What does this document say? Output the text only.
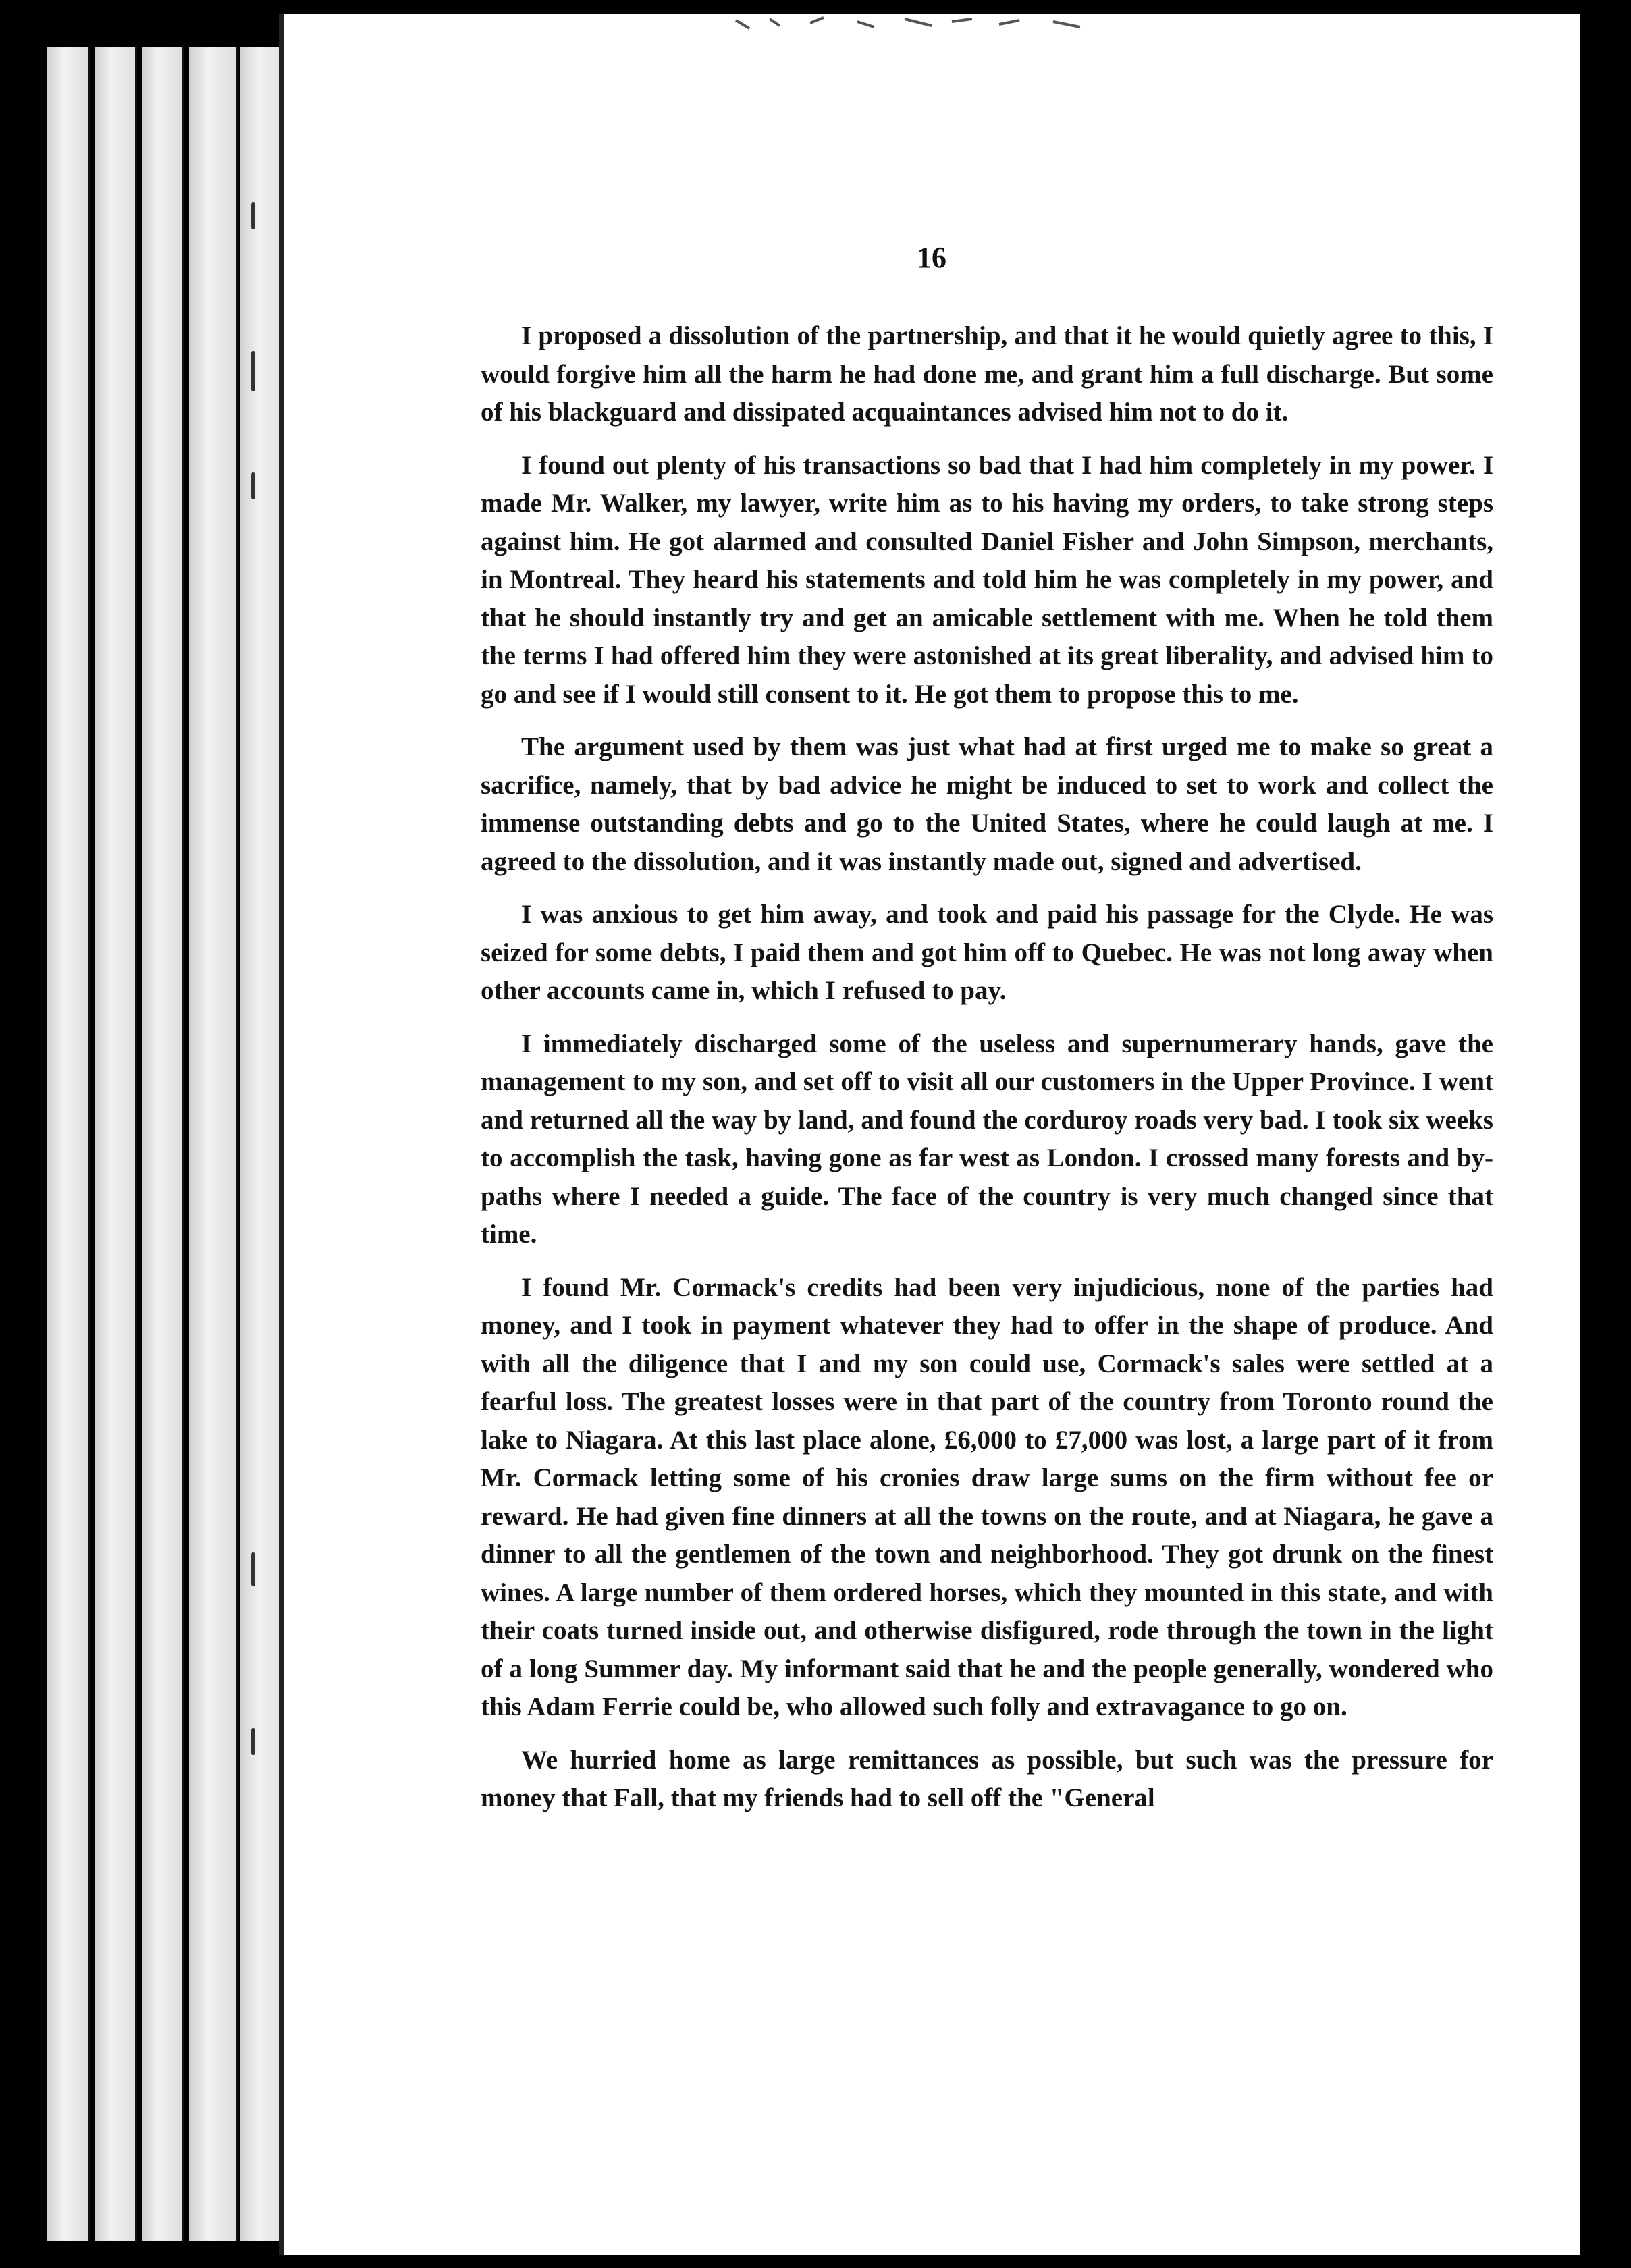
16

I proposed a dissolution of the partnership, and that it he would quietly agree to this, I would forgive him all the harm he had done me, and grant him a full discharge. But some of his blackguard and dissipated acquaintances advised him not to do it.

I found out plenty of his transactions so bad that I had him completely in my power. I made Mr. Walker, my lawyer, write him as to his having my orders, to take strong steps against him. He got alarmed and consulted Daniel Fisher and John Simpson, merchants, in Montreal. They heard his statements and told him he was completely in my power, and that he should instantly try and get an amicable settlement with me. When he told them the terms I had offered him they were astonished at its great liberality, and advised him to go and see if I would still consent to it. He got them to propose this to me.

The argument used by them was just what had at first urged me to make so great a sacrifice, namely, that by bad advice he might be induced to set to work and collect the immense outstanding debts and go to the United States, where he could laugh at me. I agreed to the dissolution, and it was instantly made out, signed and advertised.

I was anxious to get him away, and took and paid his passage for the Clyde. He was seized for some debts, I paid them and got him off to Quebec. He was not long away when other accounts came in, which I refused to pay.

I immediately discharged some of the useless and supernumerary hands, gave the management to my son, and set off to visit all our customers in the Upper Province. I went and returned all the way by land, and found the corduroy roads very bad. I took six weeks to accomplish the task, having gone as far west as London. I crossed many forests and by-paths where I needed a guide. The face of the country is very much changed since that time.

I found Mr. Cormack's credits had been very injudicious, none of the parties had money, and I took in payment whatever they had to offer in the shape of produce. And with all the diligence that I and my son could use, Cormack's sales were settled at a fearful loss. The greatest losses were in that part of the country from Toronto round the lake to Niagara. At this last place alone, £6,000 to £7,000 was lost, a large part of it from Mr. Cormack letting some of his cronies draw large sums on the firm without fee or reward. He had given fine dinners at all the towns on the route, and at Niagara, he gave a dinner to all the gentlemen of the town and neighborhood. They got drunk on the finest wines. A large number of them ordered horses, which they mounted in this state, and with their coats turned inside out, and otherwise disfigured, rode through the town in the light of a long Summer day. My informant said that he and the people generally, wondered who this Adam Ferrie could be, who allowed such folly and extravagance to go on.

We hurried home as large remittances as possible, but such was the pressure for money that Fall, that my friends had to sell off the "General
